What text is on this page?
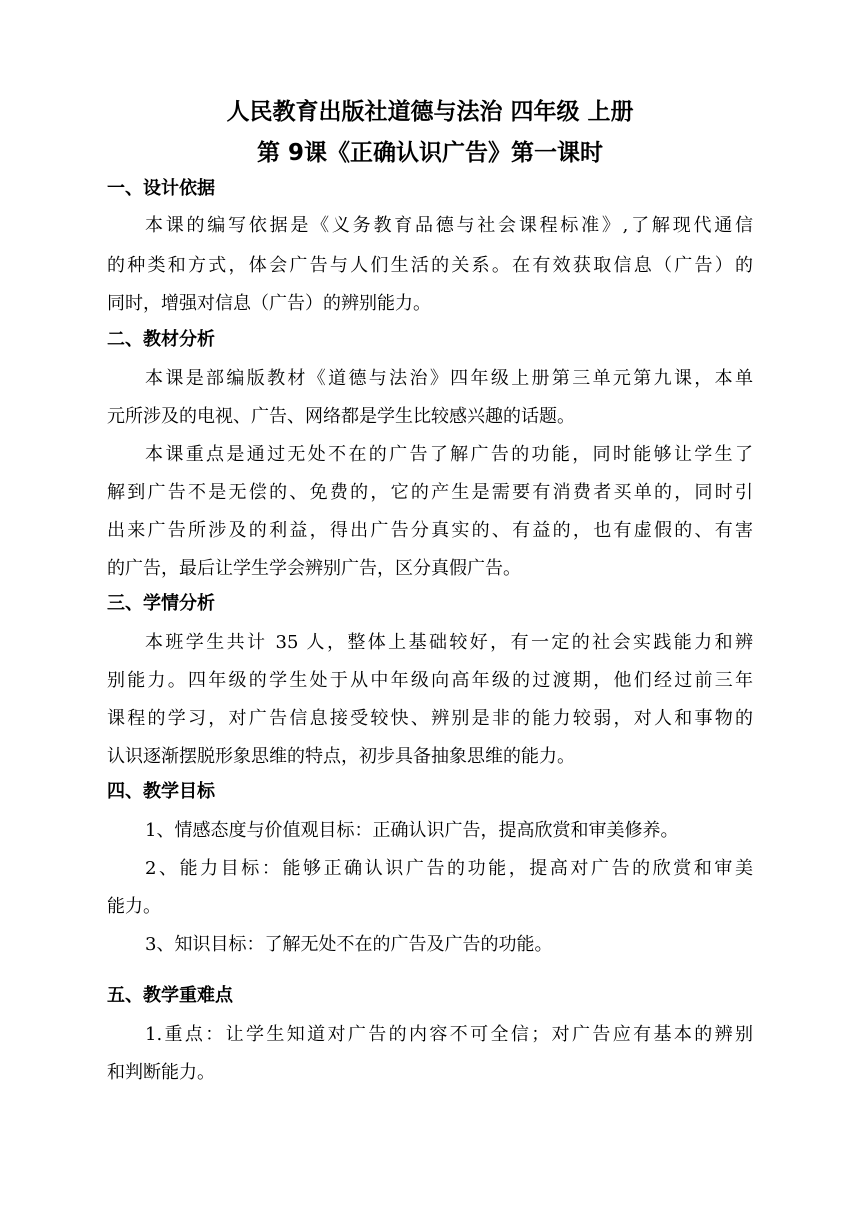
人民教育出版社道德与法治 四年级 上册
第 9课《正确认识广告》第一课时
一、设计依据
本课的编写依据是《义务教育品德与社会课程标准》,了解现代通信
的种类和方式，体会广告与人们生活的关系。在有效获取信息（广告）的
同时，增强对信息（广告）的辨别能力。
二、教材分析
本课是部编版教材《道德与法治》四年级上册第三单元第九课，本单
元所涉及的电视、广告、网络都是学生比较感兴趣的话题。
本课重点是通过无处不在的广告了解广告的功能，同时能够让学生了
解到广告不是无偿的、免费的，它的产生是需要有消费者买单的，同时引
出来广告所涉及的利益，得出广告分真实的、有益的，也有虚假的、有害
的广告，最后让学生学会辨别广告，区分真假广告。
三、学情分析
本班学生共计 35 人，整体上基础较好，有一定的社会实践能力和辨
别能力。四年级的学生处于从中年级向高年级的过渡期，他们经过前三年
课程的学习，对广告信息接受较快、辨别是非的能力较弱，对人和事物的
认识逐渐摆脱形象思维的特点，初步具备抽象思维的能力。
四、教学目标
1、情感态度与价值观目标：正确认识广告，提高欣赏和审美修养。
2、能力目标：能够正确认识广告的功能，提高对广告的欣赏和审美
能力。
3、知识目标：了解无处不在的广告及广告的功能。
五、教学重难点
1.重点：让学生知道对广告的内容不可全信；对广告应有基本的辨别
和判断能力。
